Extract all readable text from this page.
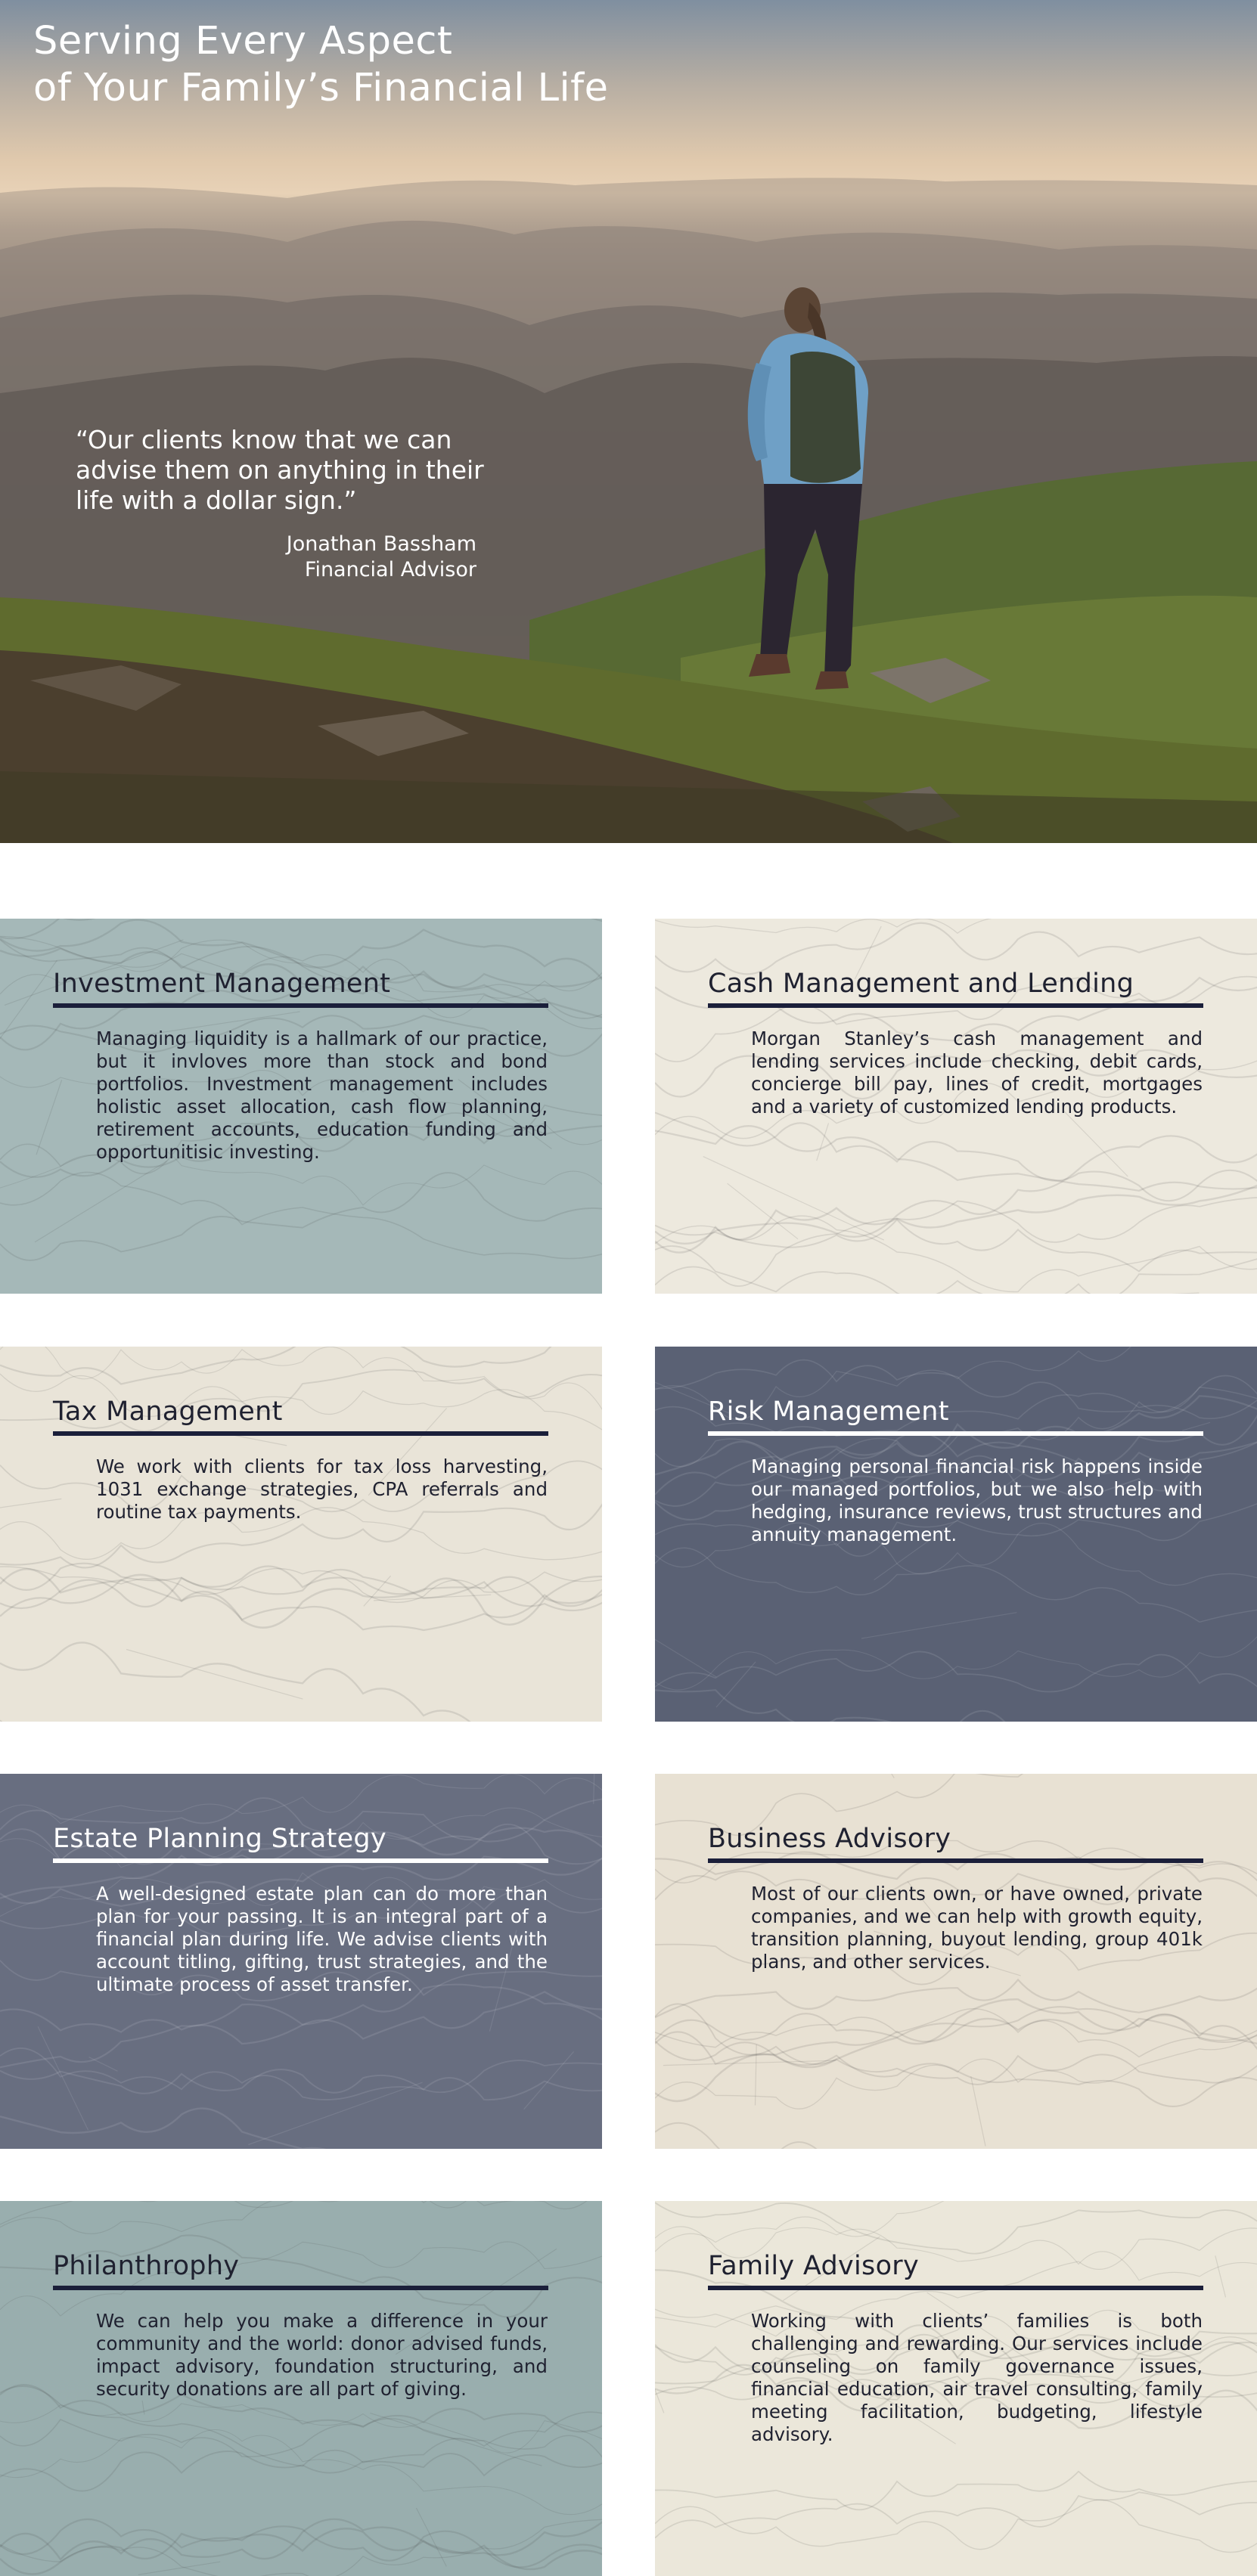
Serving Every Aspect
of Your Family’s Financial Life

“Our clients know that we can advise them on anything in their life with a dollar sign.”

Jonathan Bassham
Financial Advisor
Investment Management

Managing liquidity is a hallmark of our practice, but it invloves more than stock and bond portfolios. Investment management includes holistic asset allocation, cash flow planning, retirement accounts, education funding and opportunitisic investing.

Cash Management and Lending

Morgan Stanley’s cash management and lending services include checking, debit cards, concierge bill pay, lines of credit, mortgages and a variety of customized lending products.

Tax Management

We work with clients for tax loss harvesting, 1031 exchange strategies, CPA referrals and routine tax payments.

Risk Management

Managing personal financial risk happens inside our managed portfolios, but we also help with hedging, insurance reviews, trust structures and annuity management.

Estate Planning Strategy

A well-designed estate plan can do more than plan for your passing. It is an integral part of a financial plan during life. We advise clients with account titling, gifting, trust strategies, and the ultimate process of asset transfer.

Business Advisory

Most of our clients own, or have owned, private companies, and we can help with growth equity, transition planning, buyout lending, group 401k plans, and other services.

Philanthrophy

We can help you make a difference in your community and the world: donor advised funds, impact advisory, foundation structuring, and security donations are all part of giving.

Family Advisory

Working with clients’ families is both challenging and rewarding. Our services include counseling on family governance issues, financial education, air travel consulting, family meeting facilitation, budgeting, lifestyle advisory.
